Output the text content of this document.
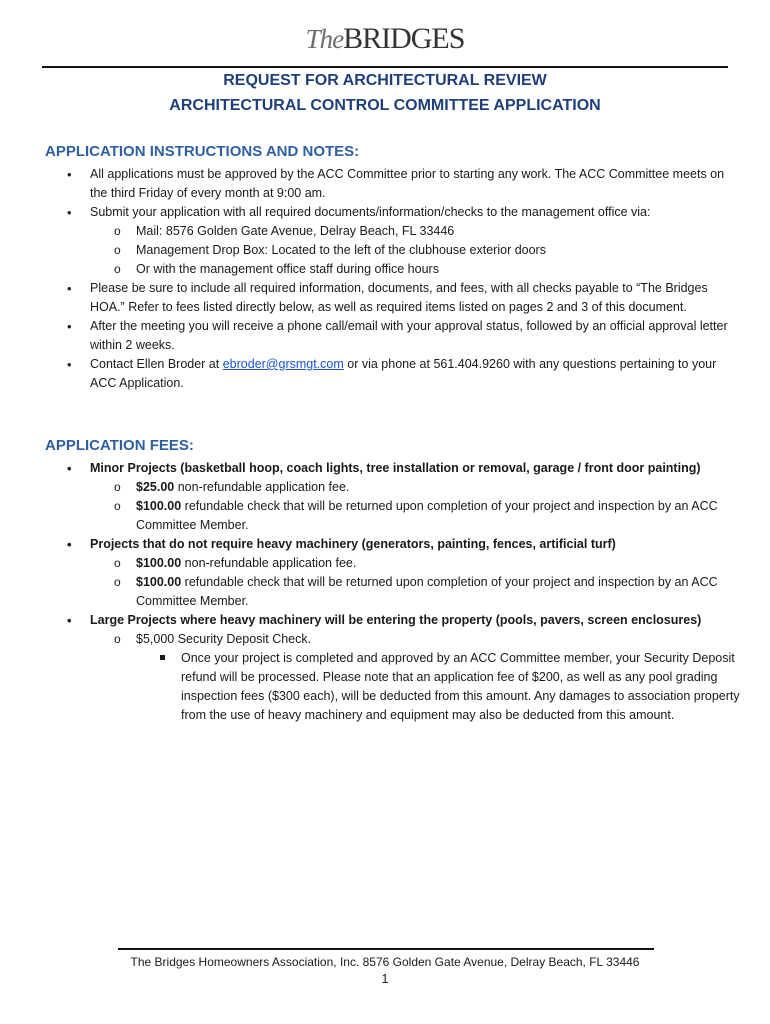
TheBRIDGES
REQUEST FOR ARCHITECTURAL REVIEW
ARCHITECTURAL CONTROL COMMITTEE APPLICATION
APPLICATION INSTRUCTIONS AND NOTES:
• All applications must be approved by the ACC Committee prior to starting any work. The ACC Committee meets on the third Friday of every month at 9:00 am.
• Submit your application with all required documents/information/checks to the management office via:
o Mail: 8576 Golden Gate Avenue, Delray Beach, FL 33446
o Management Drop Box: Located to the left of the clubhouse exterior doors
o Or with the management office staff during office hours
• Please be sure to include all required information, documents, and fees, with all checks payable to “The Bridges HOA.” Refer to fees listed directly below, as well as required items listed on pages 2 and 3 of this document.
• After the meeting you will receive a phone call/email with your approval status, followed by an official approval letter within 2 weeks.
• Contact Ellen Broder at ebroder@grsmgt.com or via phone at 561.404.9260 with any questions pertaining to your ACC Application.
APPLICATION FEES:
• Minor Projects (basketball hoop, coach lights, tree installation or removal, garage / front door painting)
o $25.00 non-refundable application fee.
o $100.00 refundable check that will be returned upon completion of your project and inspection by an ACC Committee Member.
• Projects that do not require heavy machinery (generators, painting, fences, artificial turf)
o $100.00 non-refundable application fee.
o $100.00 refundable check that will be returned upon completion of your project and inspection by an ACC Committee Member.
• Large Projects where heavy machinery will be entering the property (pools, pavers, screen enclosures)
o $5,000 Security Deposit Check.
Once your project is completed and approved by an ACC Committee member, your Security Deposit refund will be processed. Please note that an application fee of $200, as well as any pool grading inspection fees ($300 each), will be deducted from this amount. Any damages to association property from the use of heavy machinery and equipment may also be deducted from this amount.
The Bridges Homeowners Association, Inc. 8576 Golden Gate Avenue, Delray Beach, FL 33446
1
